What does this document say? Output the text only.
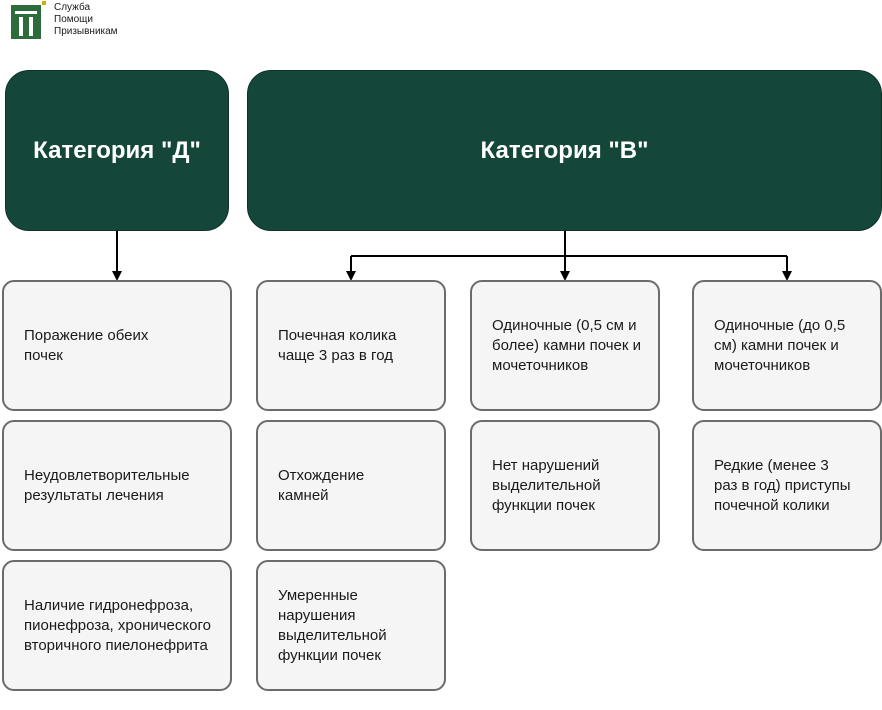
Служба
Помощи
Призывникам
Категория "Д"	Категория "В"
Поражение обеих почек
Неудовлетворительные результаты лечения
Наличие гидронефроза, пионефроза, хронического вторичного пиелонефрита
Почечная колика чаще 3 раз в год
Отхождение камней
Умеренные нарушения выделительной функции почек
Одиночные (0,5 см и более) камни почек и мочеточников
Нет нарушений выделительной функции почек
Одиночные (до 0,5 см) камни почек и мочеточников
Редкие (менее 3 раз в год) приступы почечной колики
